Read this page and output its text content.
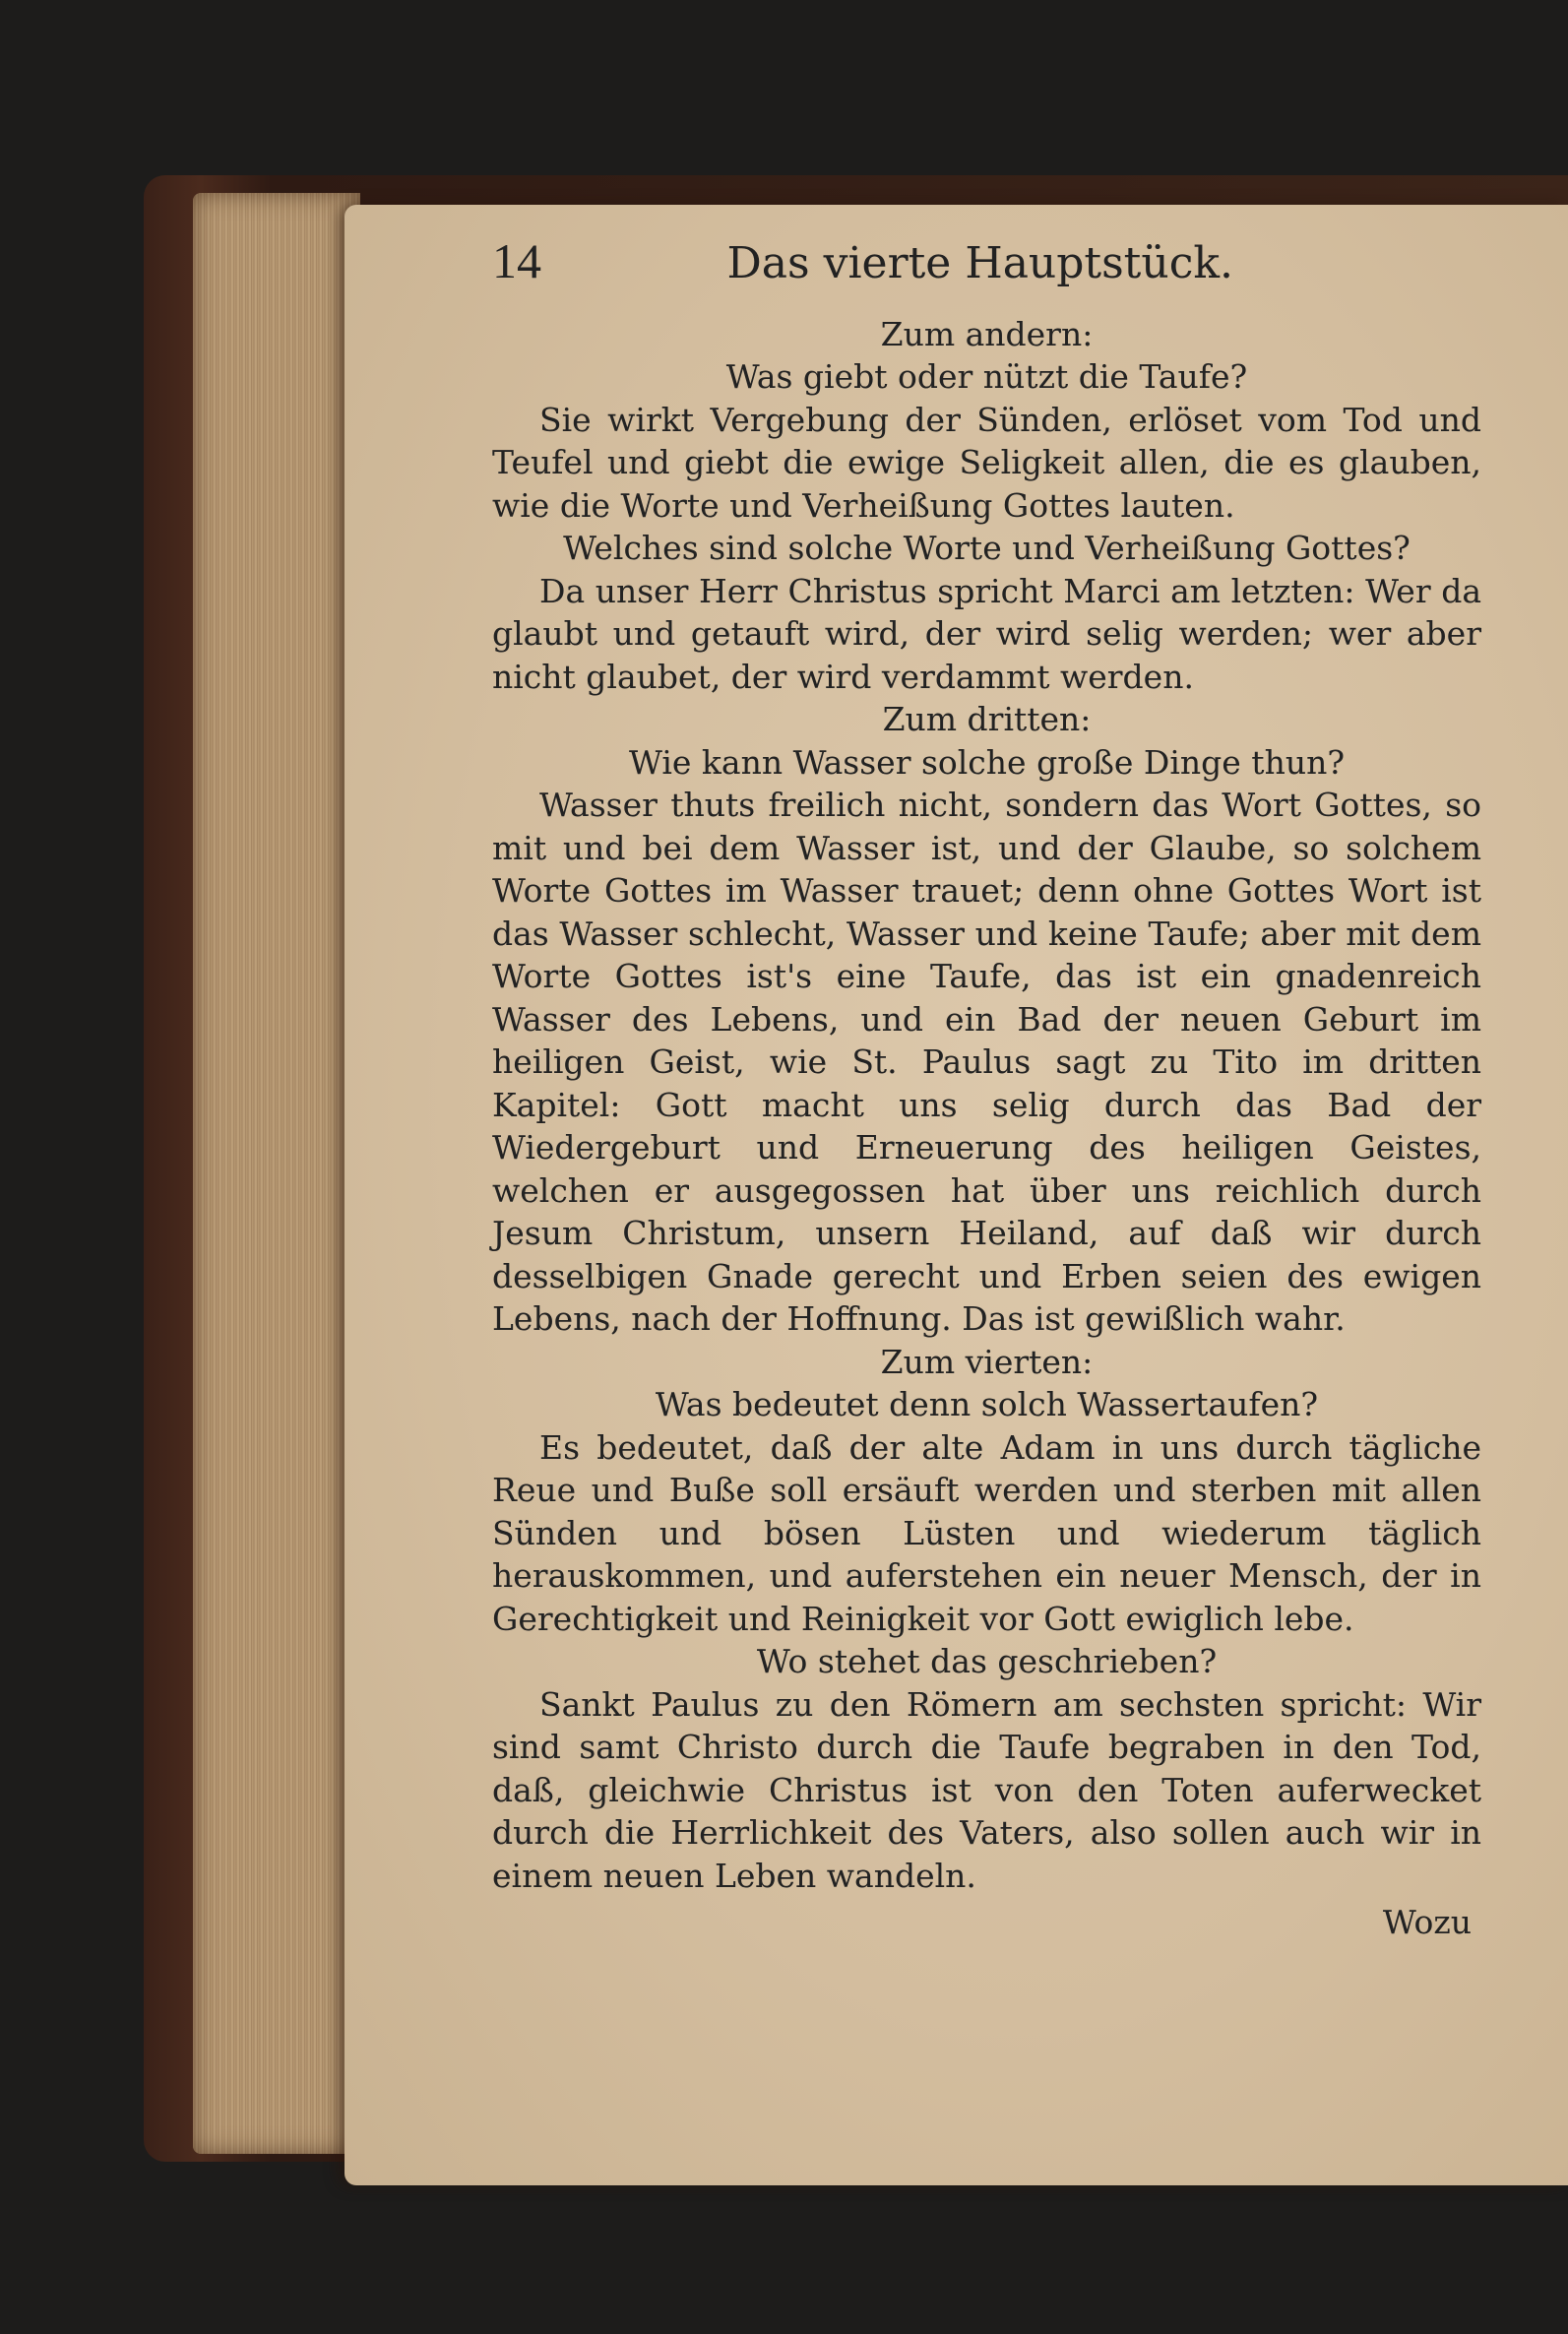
14	Das vierte Hauptstück.

Zum andern:

Was giebt oder nützt die Taufe?

Sie wirkt Vergebung der Sünden, erlöset vom Tod und Teufel und giebt die ewige Seligkeit allen, die es glauben, wie die Worte und Verheißung Gottes lauten.

Welches sind solche Worte und Verheißung Gottes?

Da unser Herr Christus spricht Marci am letzten: Wer da glaubt und getauft wird, der wird selig werden; wer aber nicht glaubet, der wird verdammt werden.

Zum dritten:

Wie kann Wasser solche große Dinge thun?

Wasser thuts freilich nicht, sondern das Wort Gottes, so mit und bei dem Wasser ist, und der Glaube, so solchem Worte Gottes im Wasser trauet; denn ohne Gottes Wort ist das Wasser schlecht, Wasser und keine Taufe; aber mit dem Worte Gottes ist's eine Taufe, das ist ein gnadenreich Wasser des Lebens, und ein Bad der neuen Geburt im heiligen Geist, wie St. Paulus sagt zu Tito im dritten Kapitel: Gott macht uns selig durch das Bad der Wiedergeburt und Erneuerung des heiligen Geistes, welchen er ausgegossen hat über uns reichlich durch Jesum Christum, unsern Heiland, auf daß wir durch desselbigen Gnade gerecht und Erben seien des ewigen Lebens, nach der Hoffnung. Das ist gewißlich wahr.

Zum vierten:

Was bedeutet denn solch Wassertaufen?

Es bedeutet, daß der alte Adam in uns durch tägliche Reue und Buße soll ersäuft werden und sterben mit allen Sünden und bösen Lüsten und wiederum täglich herauskommen, und auferstehen ein neuer Mensch, der in Gerechtigkeit und Reinigkeit vor Gott ewiglich lebe.

Wo stehet das geschrieben?

Sankt Paulus zu den Römern am sechsten spricht: Wir sind samt Christo durch die Taufe begraben in den Tod, daß, gleichwie Christus ist von den Toten auferwecket durch die Herrlichkeit des Vaters, also sollen auch wir in einem neuen Leben wandeln.

Wozu
